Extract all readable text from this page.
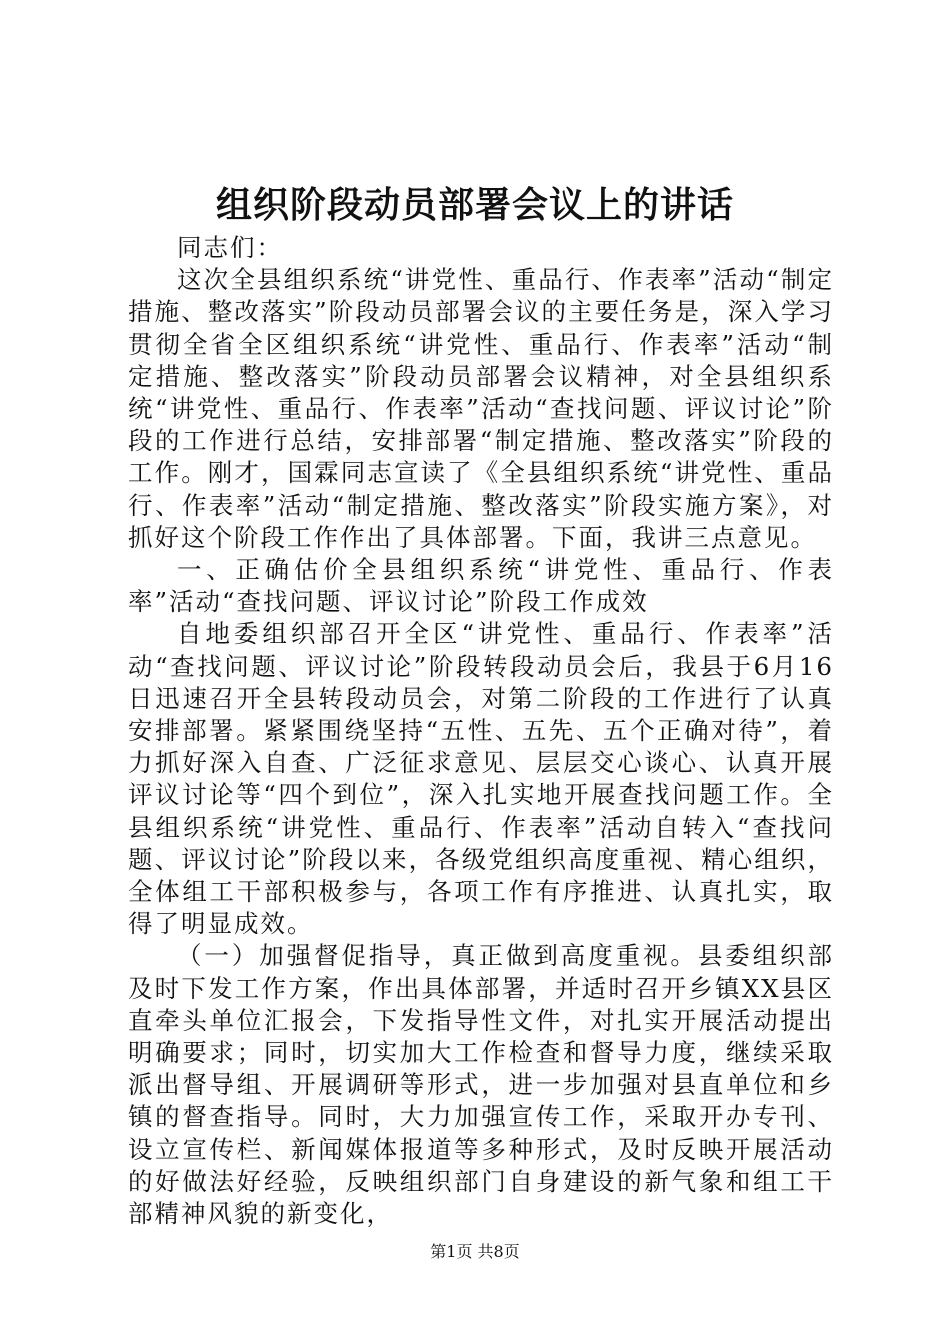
组织阶段动员部署会议上的讲话

同志们：

这次全县组织系统“讲党性、重品行、作表率”活动“制定措施、整改落实”阶段动员部署会议的主要任务是，深入学习贯彻全省全区组织系统“讲党性、重品行、作表率”活动“制定措施、整改落实”阶段动员部署会议精神，对全县组织系统“讲党性、重品行、作表率”活动“查找问题、评议讨论”阶段的工作进行总结，安排部署“制定措施、整改落实”阶段的工作。刚才，国霖同志宣读了《全县组织系统“讲党性、重品行、作表率”活动“制定措施、整改落实”阶段实施方案》，对抓好这个阶段工作作出了具体部署。下面，我讲三点意见。

一、正确估价全县组织系统“讲党性、重品行、作表率”活动“查找问题、评议讨论”阶段工作成效

自地委组织部召开全区“讲党性、重品行、作表率”活动“查找问题、评议讨论”阶段转段动员会后，我县于6月16日迅速召开全县转段动员会，对第二阶段的工作进行了认真安排部署。紧紧围绕坚持“五性、五先、五个正确对待”，着力抓好深入自查、广泛征求意见、层层交心谈心、认真开展评议讨论等“四个到位”，深入扎实地开展查找问题工作。全县组织系统“讲党性、重品行、作表率”活动自转入“查找问题、评议讨论”阶段以来，各级党组织高度重视、精心组织，全体组工干部积极参与，各项工作有序推进、认真扎实，取得了明显成效。

（一）加强督促指导，真正做到高度重视。县委组织部及时下发工作方案，作出具体部署，并适时召开乡镇XX县区直牵头单位汇报会，下发指导性文件，对扎实开展活动提出明确要求；同时，切实加大工作检查和督导力度，继续采取派出督导组、开展调研等形式，进一步加强对县直单位和乡镇的督查指导。同时，大力加强宣传工作，采取开办专刊、设立宣传栏、新闻媒体报道等多种形式，及时反映开展活动的好做法好经验，反映组织部门自身建设的新气象和组工干部精神风貌的新变化，

第1页 共8页
